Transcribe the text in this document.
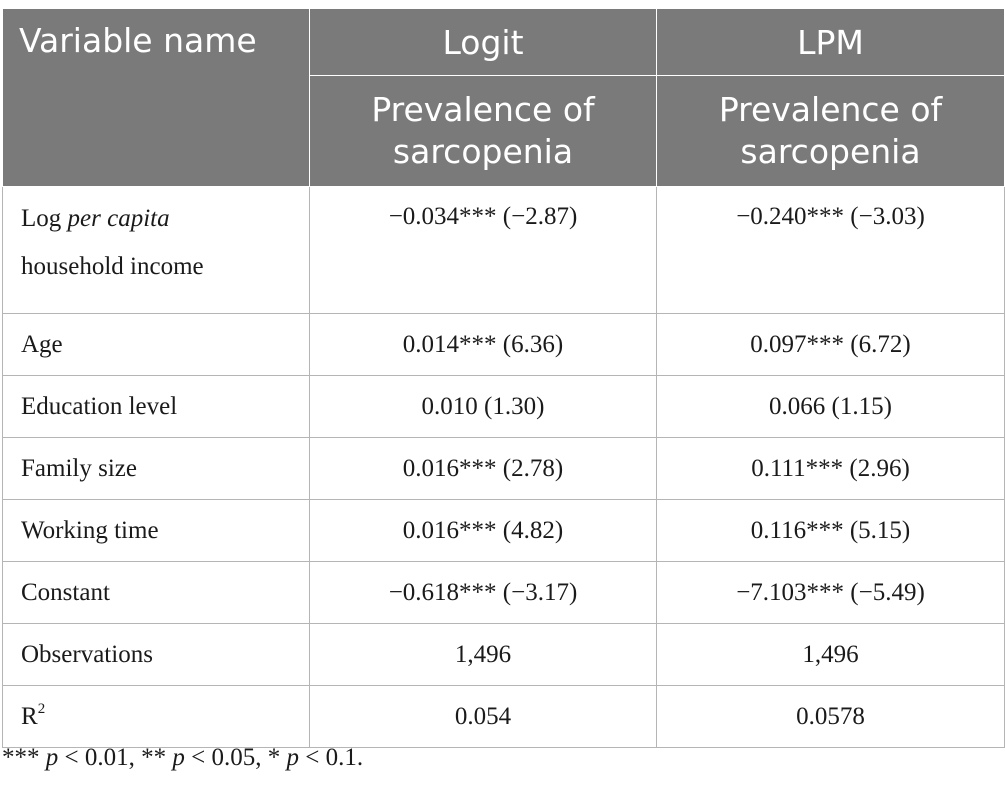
Variable name	Logit	LPM
	Prevalence of sarcopenia	Prevalence of sarcopenia
Log per capita
household income	−0.034*** (−2.87)	−0.240*** (−3.03)
Age	0.014*** (6.36)	0.097*** (6.72)
Education level	0.010 (1.30)	0.066 (1.15)
Family size	0.016*** (2.78)	0.111*** (2.96)
Working time	0.016*** (4.82)	0.116*** (5.15)
Constant	−0.618*** (−3.17)	−7.103*** (−5.49)
Observations	1,496	1,496
$R^2$	0.054	0.0578
*** p < 0.01, ** p < 0.05, * p < 0.1.
